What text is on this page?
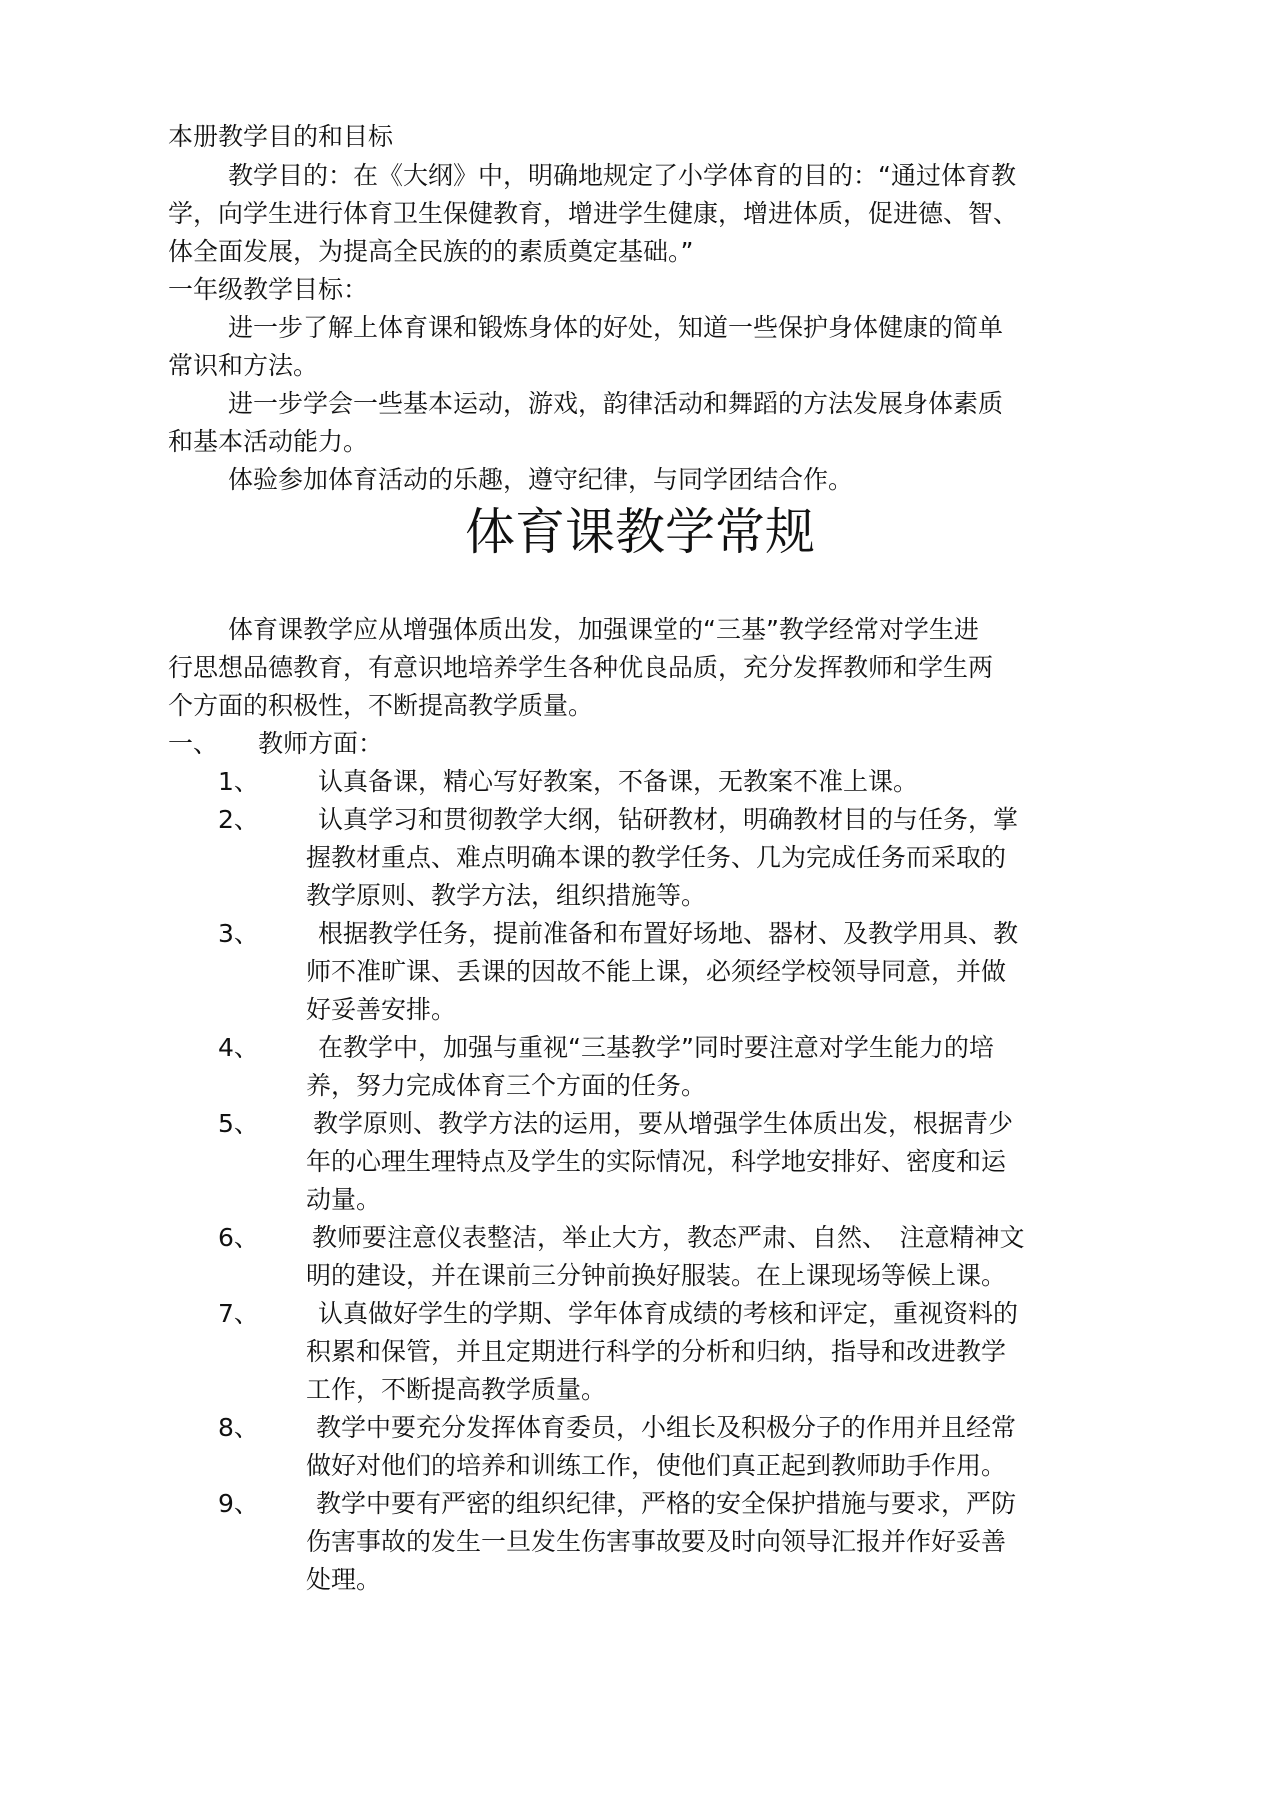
本册教学目的和目标

教学目的：在《大纲》中，明确地规定了小学体育的目的：“通过体育教

学，向学生进行体育卫生保健教育，增进学生健康，增进体质，促进德、智、

体全面发展，为提高全民族的的素质奠定基础。”

一年级教学目标：

进一步了解上体育课和锻炼身体的好处，知道一些保护身体健康的简单

常识和方法。

进一步学会一些基本运动，游戏，韵律活动和舞蹈的方法发展身体素质

和基本活动能力。

体验参加体育活动的乐趣，遵守纪律，与同学团结合作。

体育课教学常规

体育课教学应从增强体质出发，加强课堂的“三基”教学经常对学生进

行思想品德教育，有意识地培养学生各种优良品质，充分发挥教师和学生两

个方面的积极性，不断提高教学质量。

一、 教师方面：

1、 认真备课，精心写好教案，不备课，无教案不准上课。

2、 认真学习和贯彻教学大纲，钻研教材，明确教材目的与任务，掌

握教材重点、难点明确本课的教学任务、几为完成任务而采取的

教学原则、教学方法，组织措施等。

3、 根据教学任务，提前准备和布置好场地、器材、及教学用具、教

师不准旷课、丢课的因故不能上课，必须经学校领导同意，并做

好妥善安排。

4、 在教学中，加强与重视“三基教学”同时要注意对学生能力的培

养，努力完成体育三个方面的任务。

5、 教学原则、教学方法的运用，要从增强学生体质出发，根据青少

年的心理生理特点及学生的实际情况，科学地安排好、密度和运

动量。

6、 教师要注意仪表整洁，举止大方，教态严肃、自然、　注意精神文

明的建设，并在课前三分钟前换好服装。在上课现场等候上课。

7、 认真做好学生的学期、学年体育成绩的考核和评定，重视资料的

积累和保管，并且定期进行科学的分析和归纳，指导和改进教学

工作，不断提高教学质量。

8、 教学中要充分发挥体育委员，小组长及积极分子的作用并且经常

做好对他们的培养和训练工作，使他们真正起到教师助手作用。

9、 教学中要有严密的组织纪律，严格的安全保护措施与要求，严防

伤害事故的发生一旦发生伤害事故要及时向领导汇报并作好妥善

处理。
